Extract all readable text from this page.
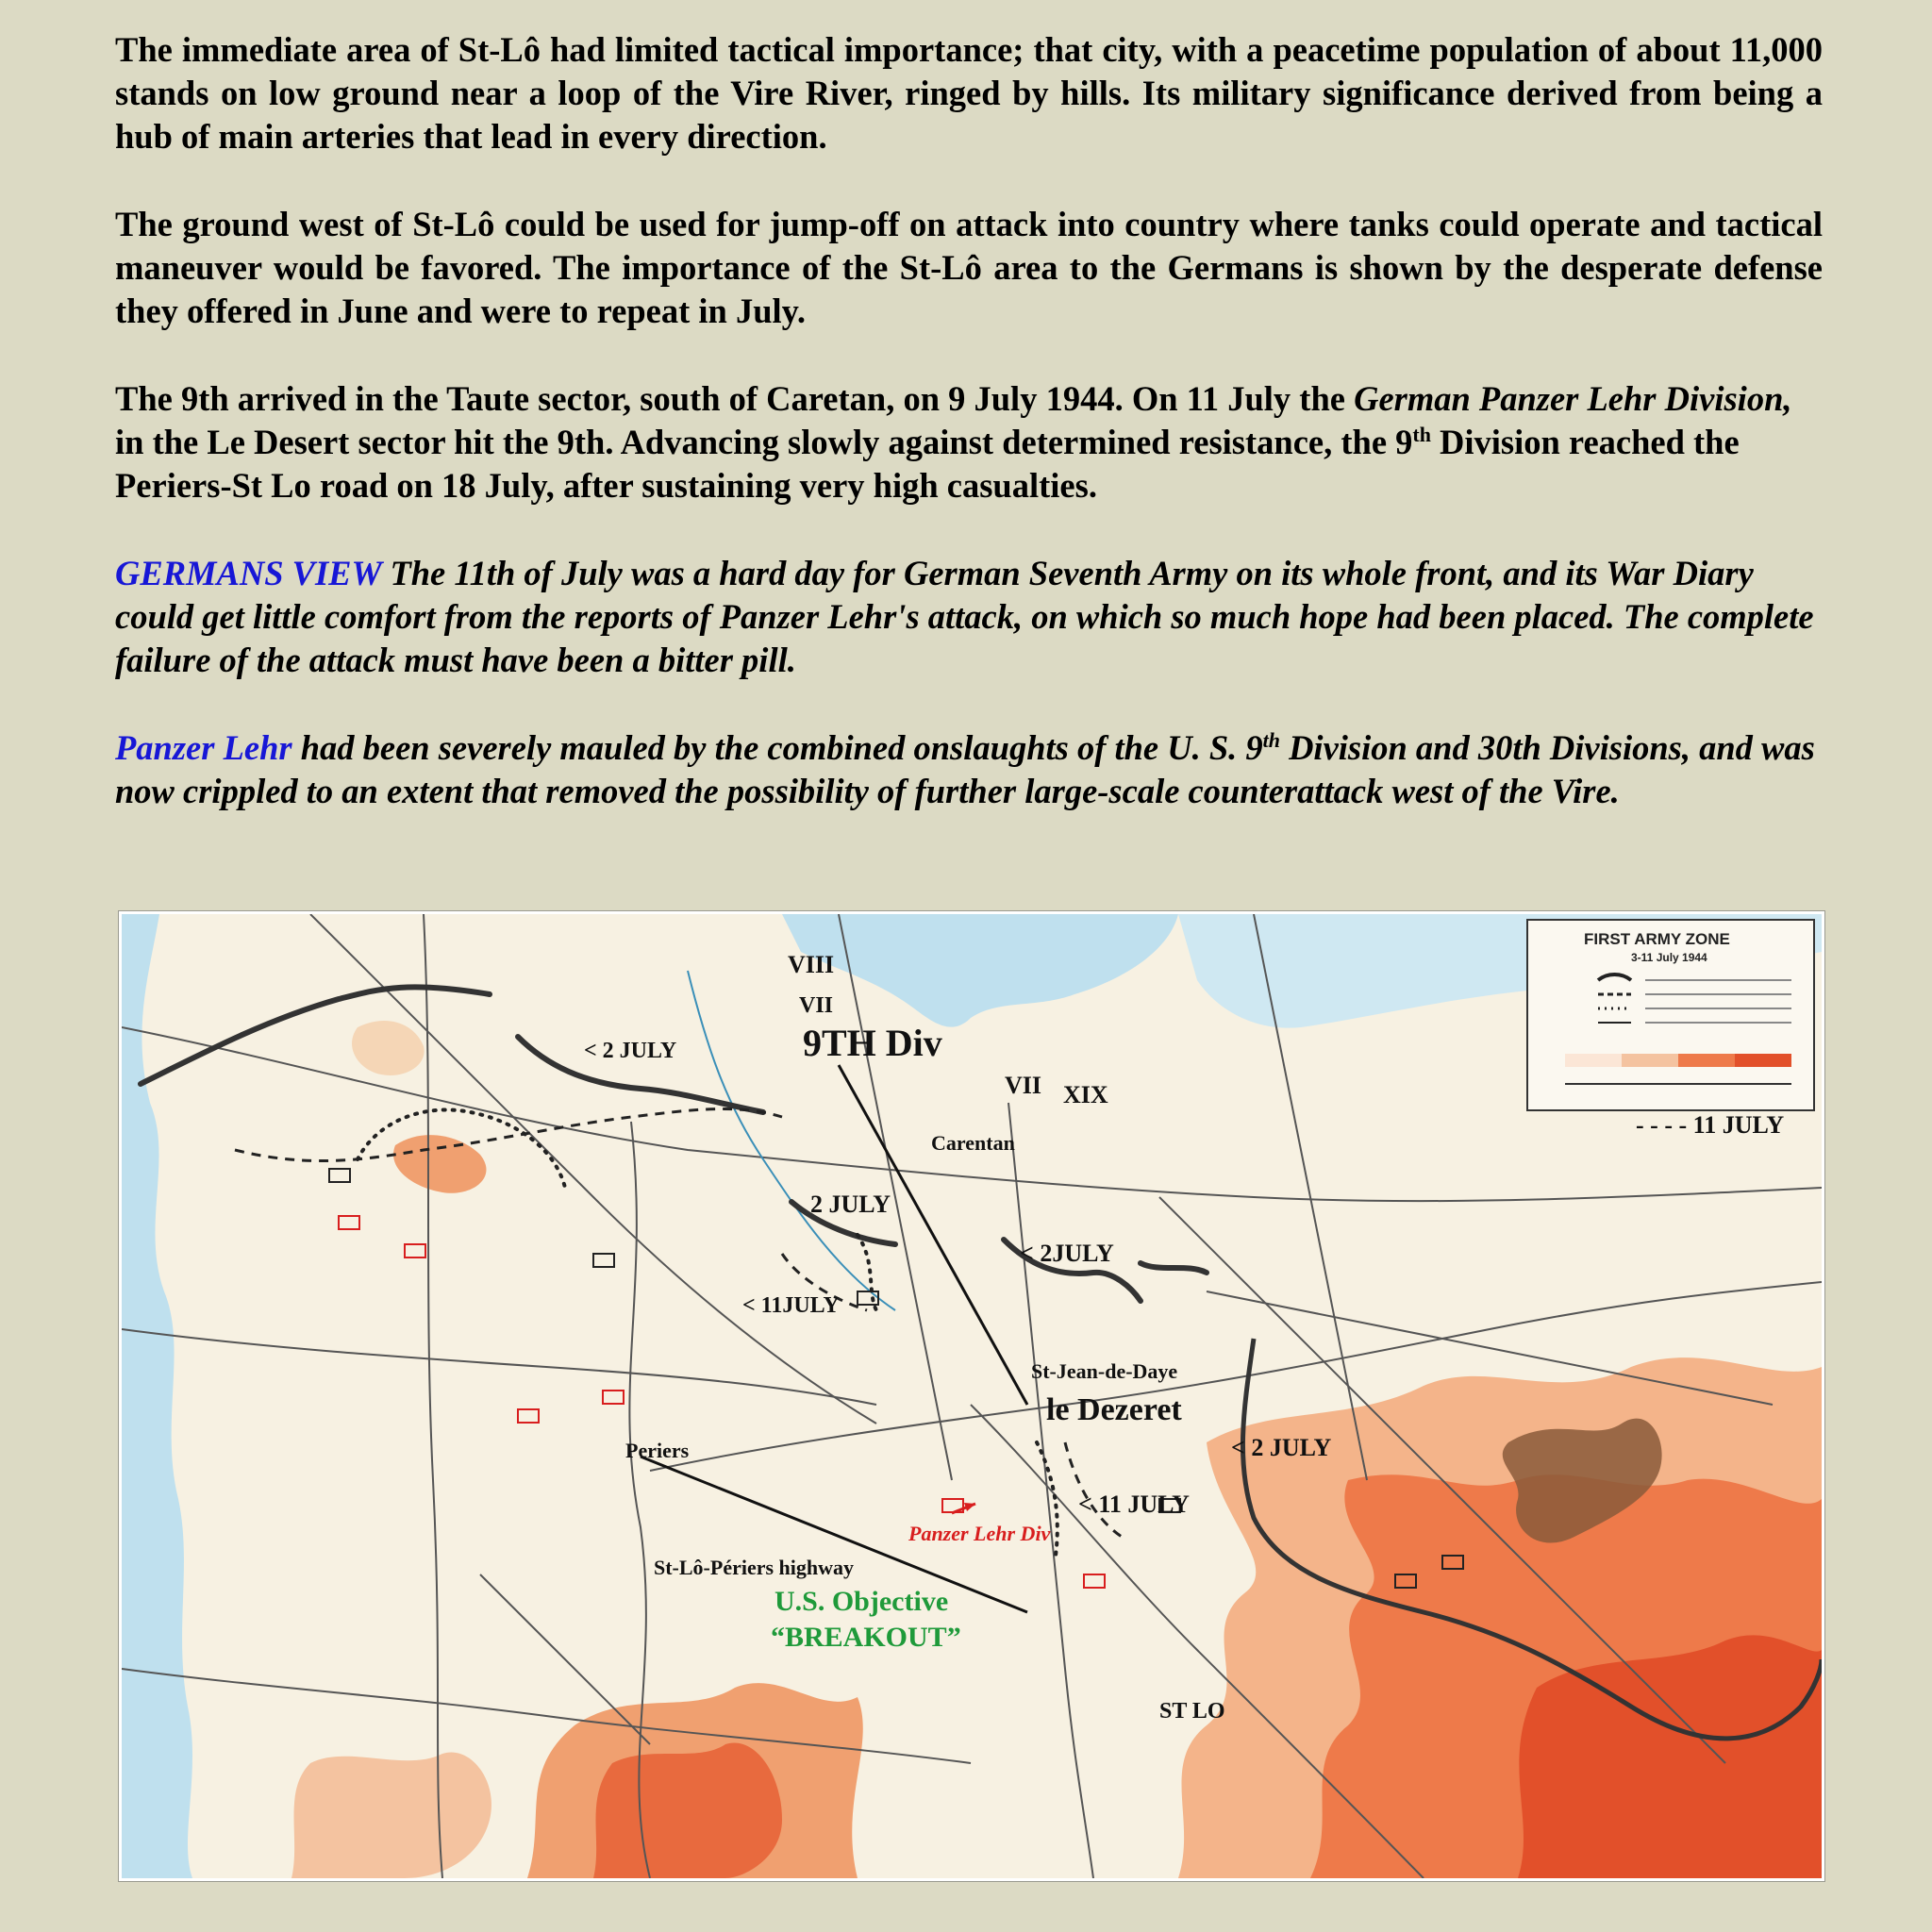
The immediate area of St-Lô had limited tactical importance; that city, with a peacetime population of about 11,000 stands on low ground near a loop of the Vire River, ringed by hills. Its military significance derived from being a hub of main arteries that lead in every direction.

The ground west of St-Lô could be used for jump-off on attack into country where tanks could operate and tactical maneuver would be favored. The importance of the St-Lô area to the Germans is shown by the desperate defense they offered in June and were to repeat in July.

The 9th arrived in the Taute sector, south of Caretan, on 9 July 1944. On 11 July the German Panzer Lehr Division, in the Le Desert sector hit the 9th. Advancing slowly against determined resistance, the 9th Division reached the Periers-St Lo road on 18 July, after sustaining very high casualties.

GERMANS VIEW The 11th of July was a hard day for German Seventh Army on its whole front, and its War Diary could get little comfort from the reports of Panzer Lehr's attack, on which so much hope had been placed. The complete failure of the attack must have been a bitter pill.

Panzer Lehr had been severely mauled by the combined onslaughts of the U. S. 9th Division and 30th Divisions, and was now crippled to an extent that removed the possibility of further large-scale counterattack west of the Vire.

FIRST ARMY ZONE
3-11 July 1944
- - - - 11 JULY
VIII
VII
9TH Div
VII XIX
< 2 JULY
Carentan
2 JULY
< 2JULY
< 11JULY
St-Jean-de-Daye
le Dezeret
< 2 JULY
Periers
< 11 JULY
Panzer Lehr Div
St-Lô-Périers highway
U.S. Objective
“BREAKOUT”
ST LO
